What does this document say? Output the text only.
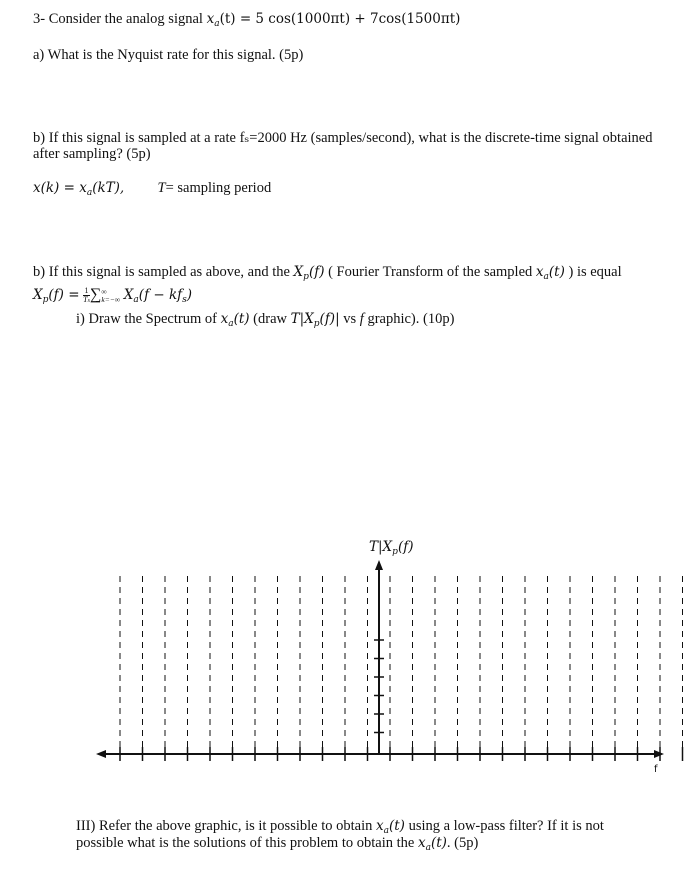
3- Consider the analog signal $x_a(t) = 5$ cos(1000πt) + 7cos(1500πt)
a) What is the Nyquist rate for this signal. (5p)
b) If this signal is sampled at a rate fₛ=2000 Hz (samples/second), what is the discrete-time signal obtained
after sampling? (5p)
$x(k) = x_a(kT)$, T= sampling period
b) If this signal is sampled as above, and the $X_p(f)$ ( Fourier Transform of the sampled $x_a(t)$ ) is equal
$X_p(f) = \frac{1}{Ts}$ ∑ ∞
k=−∞ $X_a(f - kf_s)$
i) Draw the Spectrum of $x_a(t)$ (draw $T|X_p(f)|$ vs f graphic). (10p)
$T|X_p(f)$
f
III) Refer the above graphic, is it possible to obtain $x_a(t)$ using a low-pass filter? If it is not
possible what is the solutions of this problem to obtain the $x_a(t)$. (5p)
